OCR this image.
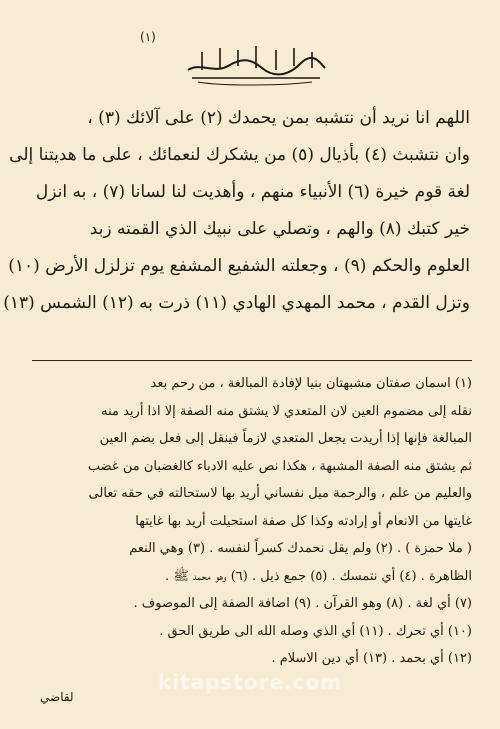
(١)
اللهم انا نريد أن نتشبه بمن يحمدك (٢) على آلائك (٣) ،
وان نتشبث (٤) بأذيال (٥) من يشكرك لنعمائك ، على ما هديتنا إلى
لغة قوم خيرة (٦) الأنبياء منهم ، وأهديت لنا لسانا (٧) ، به انزل
خير كتبك (٨) والهم ، وتصلي على نبيك الذي القمته زبد
العلوم والحكم (٩) ، وجعلته الشفيع المشفع يوم تزلزل الأرض (١٠)
وتزل القدم ، محمد المهدي الهادي (١١) ذرت به (١٢) الشمس (١٣)
(١) اسمان صفتان مشبهتان بنيا لإفادة المبالغة ، من رحم بعد
نقله إلى مضموم العين لان المتعدي لا يشتق منه الصفة إلا اذا أريد منه
المبالغة فإنها إذا أريدت يجعل المتعدي لازماً فينقل إلى فعل بضم العين
ثم يشتق منه الصفة المشبهة ، هكذا نص عليه الادباء كالغضبان من غضب
والعليم من علم ، والرحمة ميل نفساني أريد بها لاستحالته في حقه تعالى
غايتها من الانعام أو إرادته وكذا كل صفة استحيلت أريد بها غايتها
( ملا حمزة ) . (٢) ولم يقل نحمدك كسراً لنفسه . (٣) وهي النعم
الظاهرة . (٤) أي نتمسك . (٥) جمع ذيل . (٦) وهو محمد ﷺ .
(٧) أي لغة . (٨) وهو القرآن . (٩) اضافة الصفة إلى الموصوف .
(١٠) أي تحرك . (١١) أي الذي وصله الله الى طريق الحق .
(١٢) أي بحمد . (١٣) أي دين الاسلام .
kitapstore.com
لقاضي
